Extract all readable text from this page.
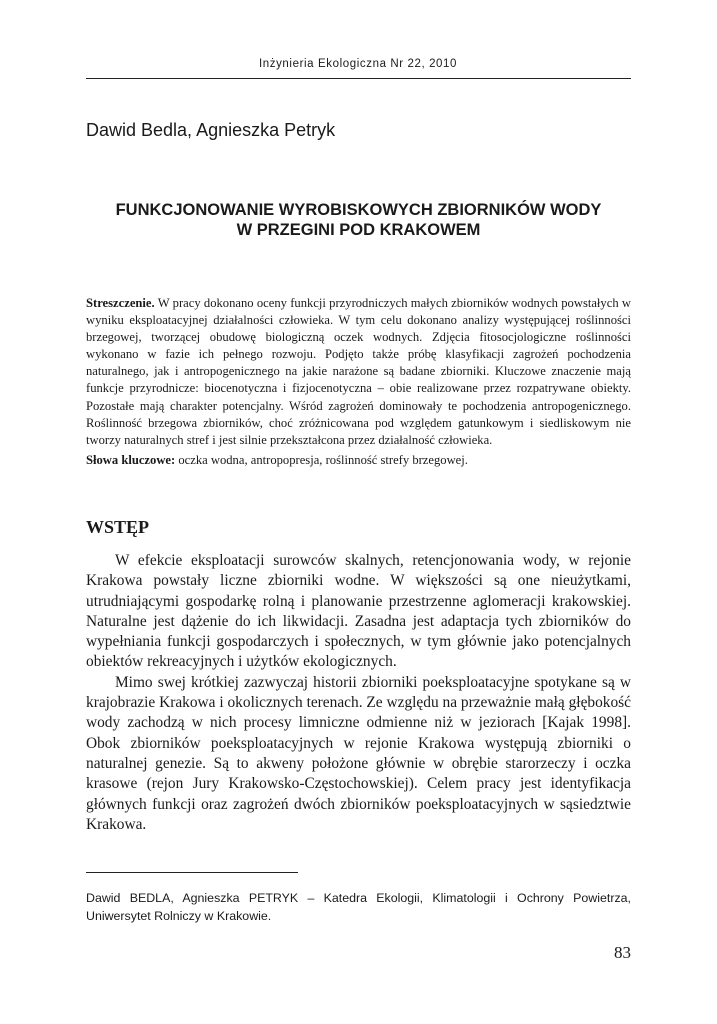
Inżynieria Ekologiczna Nr 22, 2010
Dawid Bedla, Agnieszka Petryk
FUNKCJONOWANIE WYROBISKOWYCH ZBIORNIKÓW WODY
W PRZEGINI POD KRAKOWEM

Streszczenie. W pracy dokonano oceny funkcji przyrodniczych małych zbiorników wodnych powstałych w wyniku eksploatacyjnej działalności człowieka. W tym celu dokonano analizy występującej roślinności brzegowej, tworzącej obudowę biologiczną oczek wodnych. Zdjęcia fitosocjologiczne roślinności wykonano w fazie ich pełnego rozwoju. Podjęto także próbę klasyfikacji zagrożeń pochodzenia naturalnego, jak i antropogenicznego na jakie narażone są badane zbiorniki. Kluczowe znaczenie mają funkcje przyrodnicze: biocenotyczna i fizjocenotyczna – obie realizowane przez rozpatrywane obiekty. Pozostałe mają charakter potencjalny. Wśród zagrożeń dominowały te pochodzenia antropogenicznego. Roślinność brzegowa zbiorników, choć zróżnicowana pod względem gatunkowym i siedliskowym nie tworzy naturalnych stref i jest silnie przekształcona przez działalność człowieka.

Słowa kluczowe: oczka wodna, antropopresja, roślinność strefy brzegowej.

WSTĘP

W efekcie eksploatacji surowców skalnych, retencjonowania wody, w rejonie Krakowa powstały liczne zbiorniki wodne. W większości są one nieużytkami, utrudniającymi gospodarkę rolną i planowanie przestrzenne aglomeracji krakowskiej. Naturalne jest dążenie do ich likwidacji. Zasadna jest adaptacja tych zbiorników do wypełniania funkcji gospodarczych i społecznych, w tym głównie jako potencjalnych obiektów rekreacyjnych i użytków ekologicznych.

Mimo swej krótkiej zazwyczaj historii zbiorniki poeksploatacyjne spotykane są w krajobrazie Krakowa i okolicznych terenach. Ze względu na przeważnie małą głębokość wody zachodzą w nich procesy limniczne odmienne niż w jeziorach [Kajak 1998]. Obok zbiorników poeksploatacyjnych w rejonie Krakowa występują zbiorniki o naturalnej genezie. Są to akweny położone głównie w obrębie starorzeczy i oczka krasowe (rejon Jury Krakowsko-Częstochowskiej). Celem pracy jest identyfikacja głównych funkcji oraz zagrożeń dwóch zbiorników poeksploatacyjnych w sąsiedztwie Krakowa.

Dawid BEDLA, Agnieszka PETRYK – Katedra Ekologii, Klimatologii i Ochrony Powietrza, Uniwersytet Rolniczy w Krakowie.
83
